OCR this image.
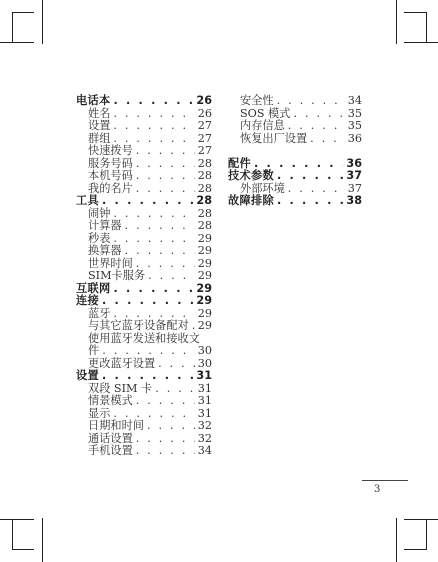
电话本 . . .	26
姓名 . . .	26
设置 . . .	27
群组 . . .	27
快速拨号 . . .	27
服务号码 . . .	28
本机号码 . . .	28
我的名片 . . .	28
工具 . . .	28
闹钟 . . .	28
计算器 . . .	28
秒表 . . .	29
换算器 . . .	29
世界时间 . . .	29
SIM卡服务 . . .	29
互联网 . . .	29
连接 . . .	29
蓝牙 . . .	29
与其它蓝牙设备配对 . . . 29
使用蓝牙发送和接收文
件 . . .	30
更改蓝牙设置 . . .	30
设置 . . .	31
双段 SIM 卡 . . .	31
情景模式 . . .	31
显示 . . .	31
日期和时间 . . .	32
通话设置 . . .	32
手机设置 . . .	34
安全性 . . .	34
SOS 模式 . . .	35
内存信息 . . .	35
恢复出厂设置 . . .	36
配件 . . .	36
技术参数 . . .	37
外部环境 . . .	37
故障排除 . . .	38
3
